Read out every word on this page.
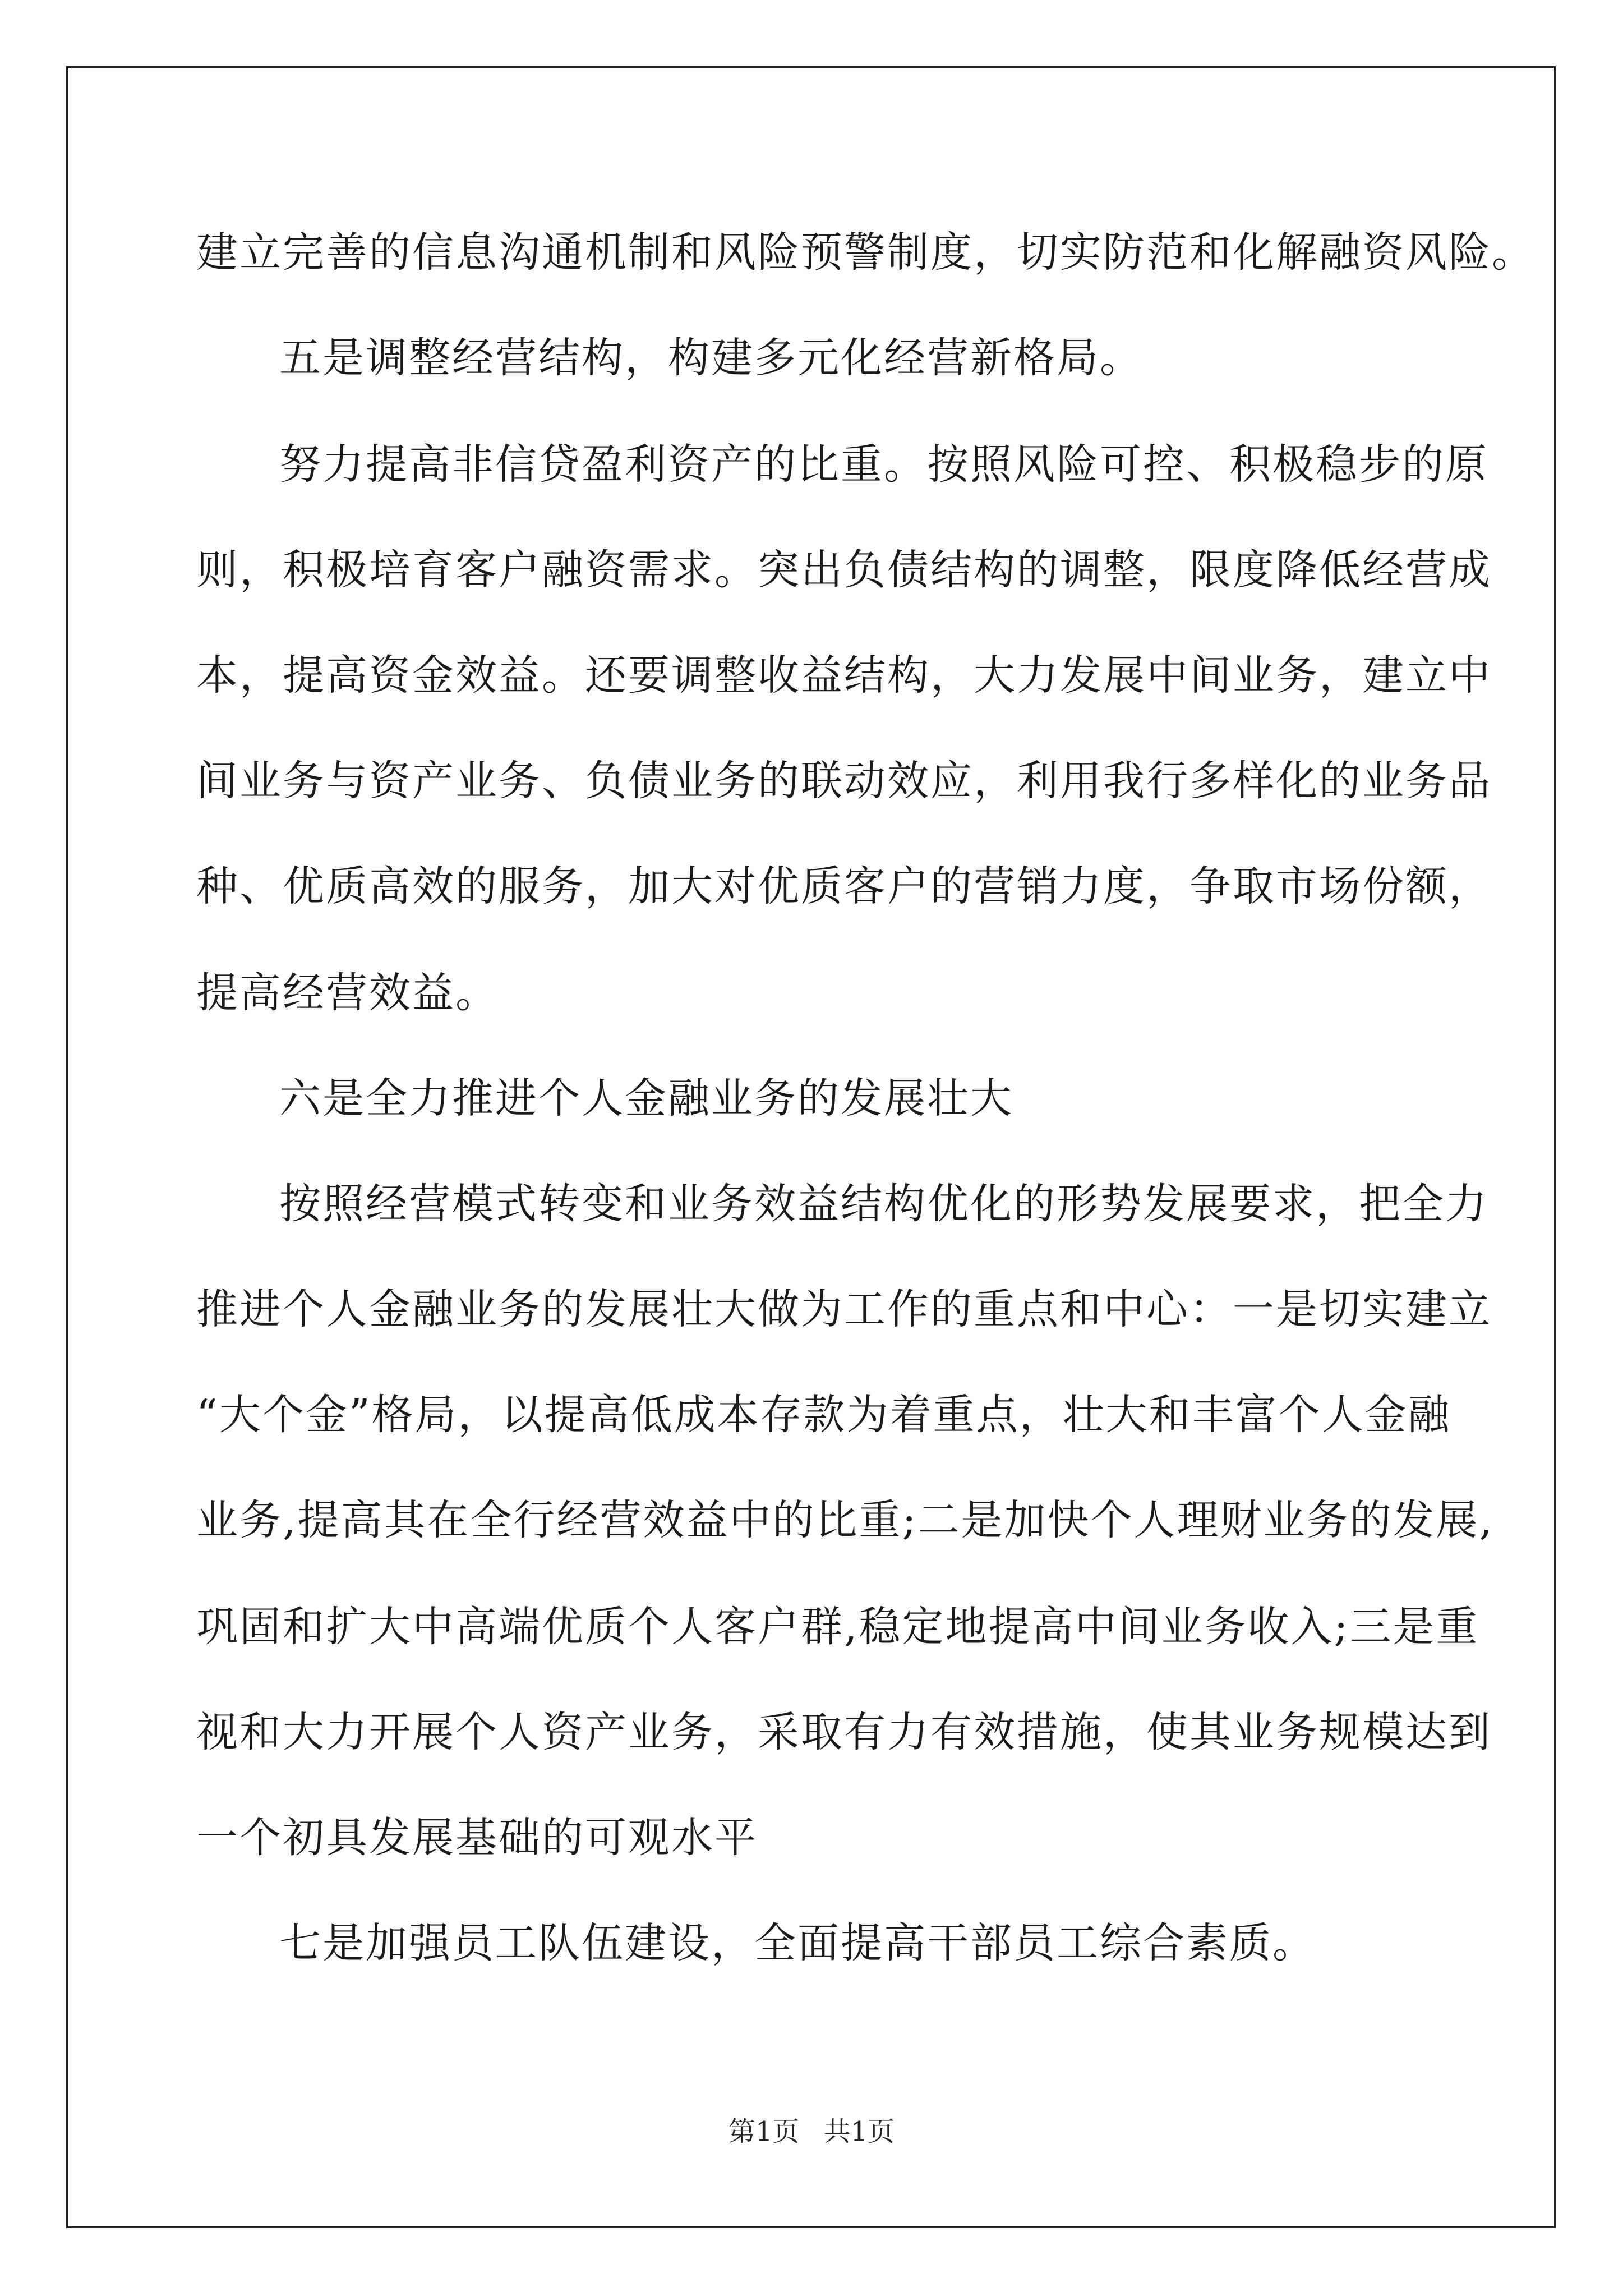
建立完善的信息沟通机制和风险预警制度，切实防范和化解融资风险。
五是调整经营结构，构建多元化经营新格局。
努力提高非信贷盈利资产的比重。按照风险可控、积极稳步的原
则，积极培育客户融资需求。突出负债结构的调整，限度降低经营成
本，提高资金效益。还要调整收益结构，大力发展中间业务，建立中
间业务与资产业务、负债业务的联动效应，利用我行多样化的业务品
种、优质高效的服务，加大对优质客户的营销力度，争取市场份额，
提高经营效益。
六是全力推进个人金融业务的发展壮大
按照经营模式转变和业务效益结构优化的形势发展要求，把全力
推进个人金融业务的发展壮大做为工作的重点和中心：一是切实建立
“大个金”格局，以提高低成本存款为着重点，壮大和丰富个人金融
业务,提高其在全行经营效益中的比重;二是加快个人理财业务的发展,
巩固和扩大中高端优质个人客户群,稳定地提高中间业务收入;三是重
视和大力开展个人资产业务，采取有力有效措施，使其业务规模达到
一个初具发展基础的可观水平
七是加强员工队伍建设，全面提高干部员工综合素质。
第1页 共1页
